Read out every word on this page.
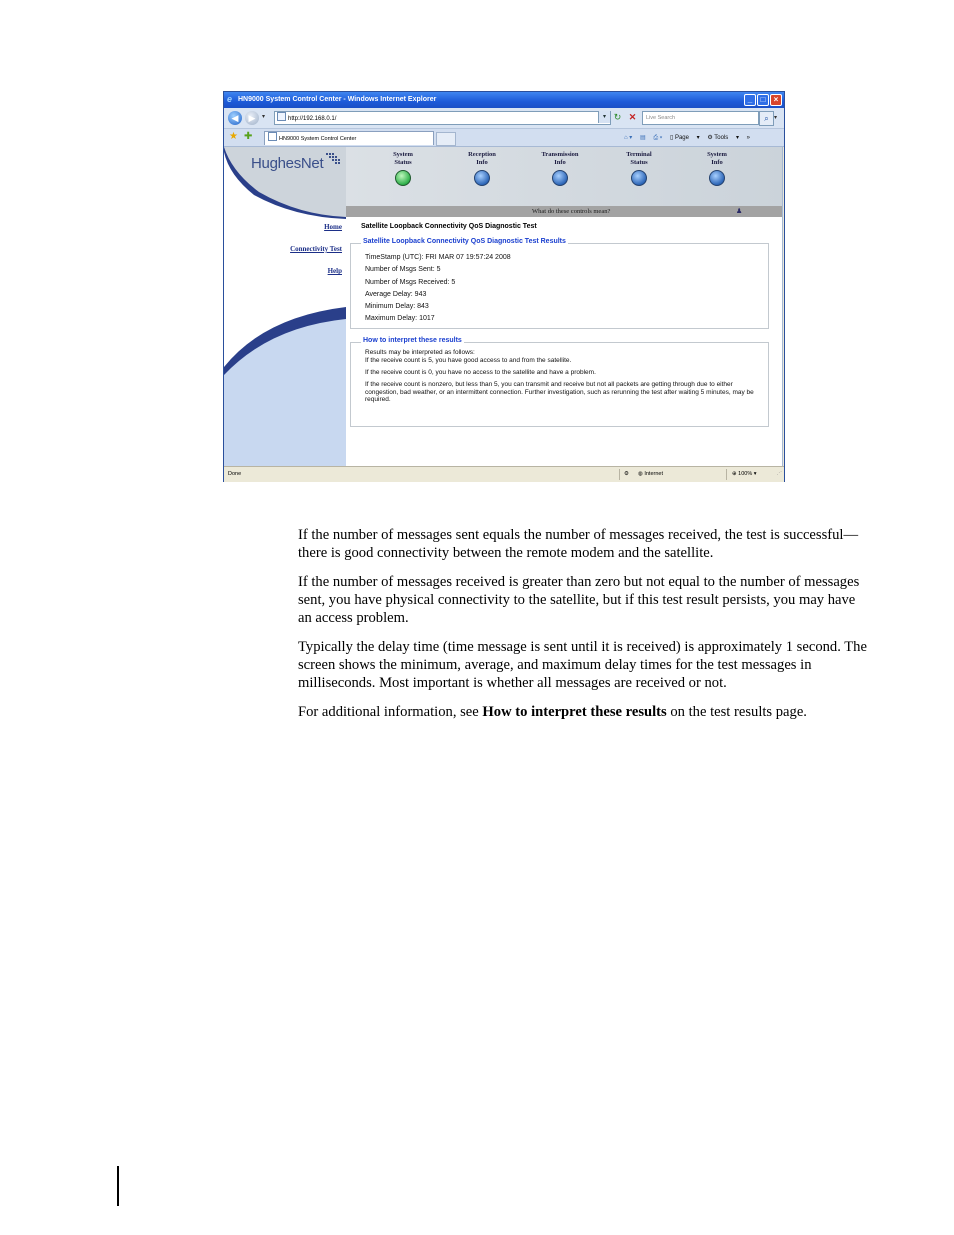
e HN9000 System Control Center - Windows Internet Explorer	_	□	×
◀	▶	▾	http://192.168.0.1/	▾ ↻ ✕	Live Search	⌕ ▾
★ ✚	HN9000 System Control Center	⌂ ▾ ▤ ⎙ ▾ ▯ Page ▾ ⚙ Tools ▾ »
HughesNet
System
Status
Reception
Info
Transmission
Info
Terminal
Status
System
Info
What do these controls mean?	♟
Home
Connectivity Test
Help
Satellite Loopback Connectivity QoS Diagnostic Test
Satellite Loopback Connectivity QoS Diagnostic Test Results
TimeStamp (UTC): FRI MAR 07 19:57:24 2008
Number of Msgs Sent: 5
Number of Msgs Received: 5
Average Delay: 943
Minimum Delay: 843
Maximum Delay: 1017
How to interpret these results
Results may be interpreted as follows:
If the receive count is 5, you have good access to and from the satellite.
If the receive count is 0, you have no access to the satellite and have a problem.
If the receive count is nonzero, but less than 5, you can transmit and receive but not all packets are getting through due to either congestion, bad weather, or an intermittent connection. Further investigation, such as rerunning the test after waiting 5 minutes, may be required.
Done	⚙ ◍ Internet	⊕ 100% ▾	⋰

If the number of messages sent equals the number of messages received, the test is successful—there is good connectivity between the remote modem and the satellite.

If the number of messages received is greater than zero but not equal to the number of messages sent, you have physical connectivity to the satellite, but if this test result persists, you may have an access problem.

Typically the delay time (time message is sent until it is received) is approximately 1 second. The screen shows the minimum, average, and maximum delay times for the test messages in milliseconds. Most important is whether all messages are received or not.

For additional information, see How to interpret these results on the test results page.
